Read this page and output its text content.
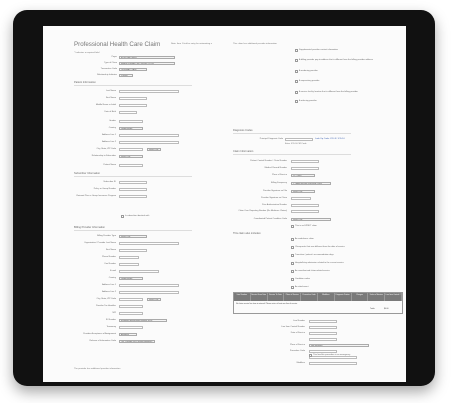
Professional Health Care Claim	Note: Item 1 field or entry for automating a
* Indicates a required field
This claim has additional provider information
Payer	BLUE PARTNERS
Type of Claim	Medical Provider Plan / Service 22 Pay
Transaction Code	ORIGINAL CLAIM
Relationship Indicator	Primary
Patient Information
Last Name
First Name
Middle Name or Initial
Date of Birth
Gender
Country	United States
Address Line 1
Address Line 2
City, State, ZIP Code
Relationship to Subscriber	Select One
Patient Name
Select One
Subscriber Information
Subscriber ID
Policy or Group Number
Claimant Plan or Group Insurance Program
Is subscriber identical with
Billing Provider Information
Billing Provider Type	Select One
Organization / Provider Last Name
First Name
Phone Number
Fax Number
E-mail
Country	United States
Address Line 1
Address Line 2
City, State, ZIP Code
Provider Tax Identifier
NPI
ID Number	Employer Identification Number (EIN)
Taxonomy
Provider Acceptance of Assignment	Assigned
Release of Information Code	Yes, Provider has a signed statement
Select One
The provider has additional provider information
Supplemental provider contact information
A billing provider pay-to address that is different from the billing provider address
A rendering provider
A supervising provider
A service facility location that is different from the billing provider
A referring provider
Diagnosis Codes
Principal Diagnosis Code	Look Up Code: ICD-9 / ICD-10
Enter ICD-9-CM Code
Claim Information
Patient Control Number / Claim Number
Medical Record Number
Place of Service	11 - Office
Billing Frequency	1 - Admit through Discharge Claim
Provider Signature on File	Select One
Provider Signature on Claim
Prior Authorization Number
Claim Over Reporting Number (No Medicare Claims)
Coordinated Patient Condition Code	Select One
This is an EPSDT claim
This claim also includes:
An ambulance claim
Chiropractic that was different from the date of service
Transition / patient's accommodation days
Hospital/stay admission related to the current service
An unauthorized claim-related service
Condition codes
An attachment
Line Number	Service From Date	Service To Date	Place of Service	Procedure Code	Modifiers	Diagnosis Pointer	Charges	Units or Minutes	Line Item Control #
No claim service line item is entered. Please enter at least one line of service.
Totals	$0.00
Line Number
Line Item Control Number
Date of Service
Place of Service	Not Specified
Procedure Code
Modifiers
This line/this procedure is an emergency
